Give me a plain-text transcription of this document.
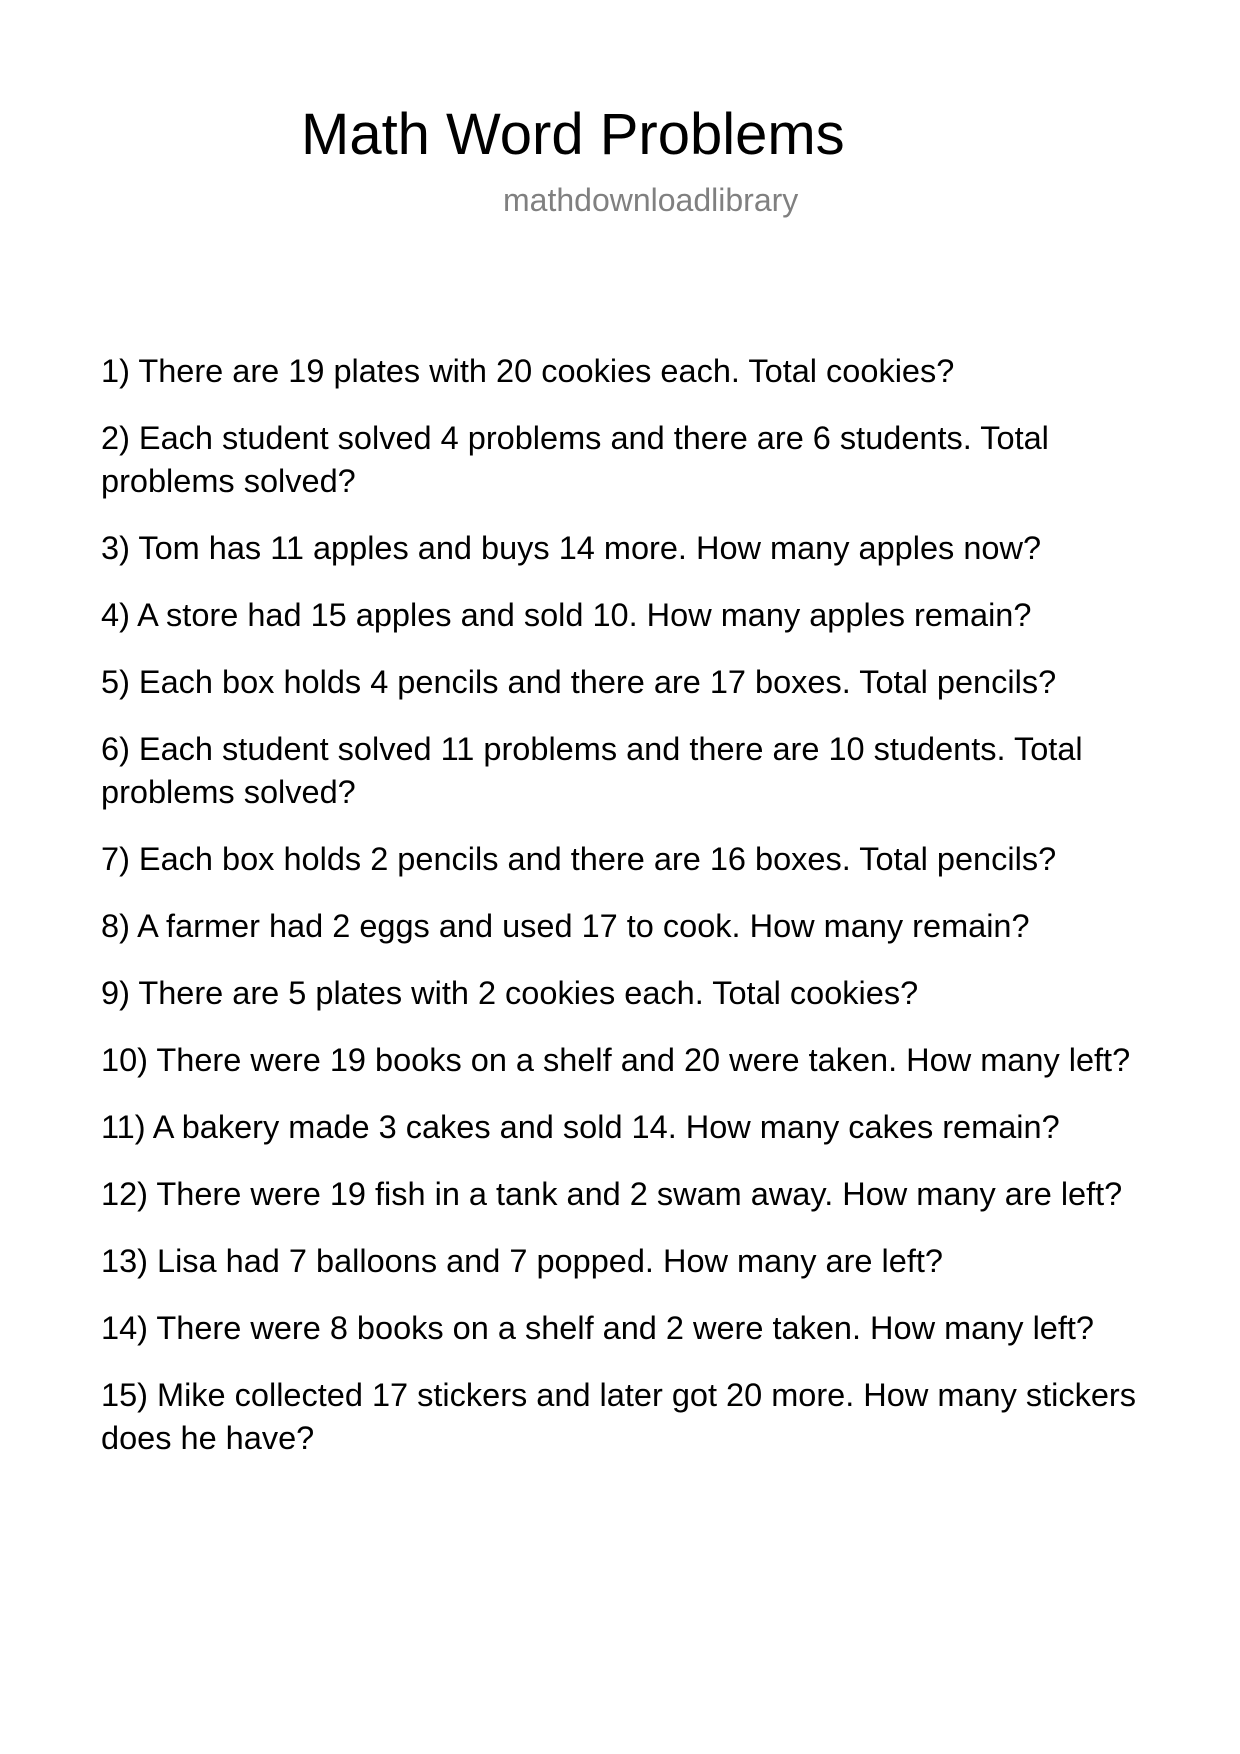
Math Word Problems
mathdownloadlibrary
1) There are 19 plates with 20 cookies each. Total cookies?
2) Each student solved 4 problems and there are 6 students. Total problems solved?
3) Tom has 11 apples and buys 14 more. How many apples now?
4) A store had 15 apples and sold 10. How many apples remain?
5) Each box holds 4 pencils and there are 17 boxes. Total pencils?
6) Each student solved 11 problems and there are 10 students. Total problems solved?
7) Each box holds 2 pencils and there are 16 boxes. Total pencils?
8) A farmer had 2 eggs and used 17 to cook. How many remain?
9) There are 5 plates with 2 cookies each. Total cookies?
10) There were 19 books on a shelf and 20 were taken. How many left?
11) A bakery made 3 cakes and sold 14. How many cakes remain?
12) There were 19 fish in a tank and 2 swam away. How many are left?
13) Lisa had 7 balloons and 7 popped. How many are left?
14) There were 8 books on a shelf and 2 were taken. How many left?
15) Mike collected 17 stickers and later got 20 more. How many stickers does he have?
